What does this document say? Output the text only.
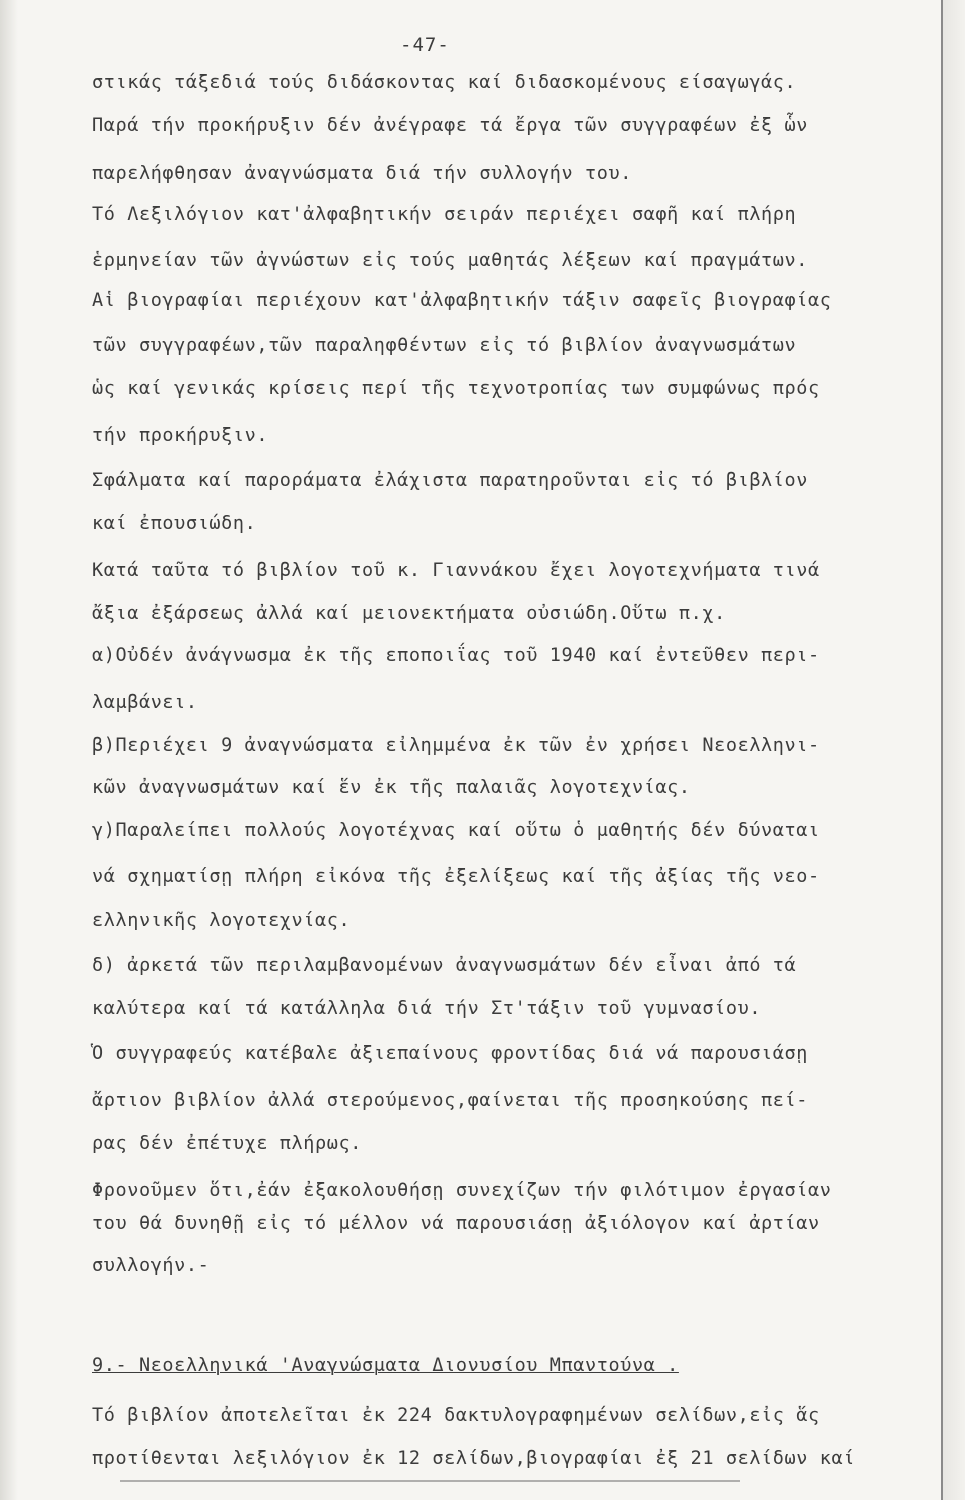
-47-
στικάς τάξεδιά τούς διδάσκοντας καί διδασκομένους είσαγωγάς.
Παρά τήν προκήρυξιν δέν ἀνέγραφε τά ἔργα τῶν συγγραφέων ἐξ ὧν
παρελήφθησαν ἀναγνώσματα διά τήν συλλογήν του.
Τό Λεξιλόγιον κατ'ἀλφαβητικήν σειράν περιέχει σαφῆ καί πλήρη
ἑρμηνείαν τῶν ἀγνώστων εἰς τούς μαθητάς λέξεων καί πραγμάτων.
Αἱ βιογραφίαι περιέχουν κατ'ἀλφαβητικήν τάξιν σαφεῖς βιογραφίας
τῶν συγγραφέων,τῶν παραληφθέντων εἰς τό βιβλίον ἀναγνωσμάτων
ὡς καί γενικάς κρίσεις περί τῆς τεχνοτροπίας των συμφώνως πρός
τήν προκήρυξιν.
Σφάλματα καί παροράματα ἐλάχιστα παρατηροῦνται εἰς τό βιβλίον
καί ἐπουσιώδη.
Κατά ταῦτα τό βιβλίον τοῦ κ. Γιαννάκου ἔχει λογοτεχνήματα τινά
ἄξια ἐξάρσεως ἀλλά καί μειονεκτήματα οὐσιώδη.Οὕτω π.χ.
α)Οὐδέν ἀνάγνωσμα ἐκ τῆς εποποιΐας τοῦ 1940 καί ἐντεῦθεν περι-
λαμβάνει.
β)Περιέχει 9 ἀναγνώσματα εἰλημμένα ἐκ τῶν ἐν χρήσει Νεοελληνι-
κῶν ἀναγνωσμάτων καί ἕν ἐκ τῆς παλαιᾶς λογοτεχνίας.
γ)Παραλείπει πολλούς λογοτέχνας καί οὕτω ὁ μαθητής δέν δύναται
νά σχηματίσῃ πλήρη εἰκόνα τῆς ἐξελίξεως καί τῆς ἀξίας τῆς νεο-
ελληνικῆς λογοτεχνίας.
δ) ἀρκετά τῶν περιλαμβανομένων ἀναγνωσμάτων δέν εἶναι ἀπό τά
καλύτερα καί τά κατάλληλα διά τήν Στ'τάξιν τοῦ γυμνασίου.
Ὁ συγγραφεύς κατέβαλε ἀξιεπαίνους φροντίδας διά νά παρουσιάσῃ
ἄρτιον βιβλίον ἀλλά στερούμενος,φαίνεται τῆς προσηκούσης πεί-
ρας δέν ἐπέτυχε πλήρως.
Φρονοῦμεν ὅτι,ἐάν ἐξακολουθήσῃ συνεχίζων τήν φιλότιμον ἐργασίαν
του θά δυνηθῇ εἰς τό μέλλον νά παρουσιάσῃ ἀξιόλογον καί ἀρτίαν
συλλογήν.-
9.- Νεοελληνικά 'Αναγνώσματα Διονυσίου Μπαντούνα .
Τό βιβλίον ἀποτελεῖται ἐκ 224 δακτυλογραφημένων σελίδων,εἰς ἅς
προτίθενται λεξιλόγιον ἐκ 12 σελίδων,βιογραφίαι ἐξ 21 σελίδων καί
